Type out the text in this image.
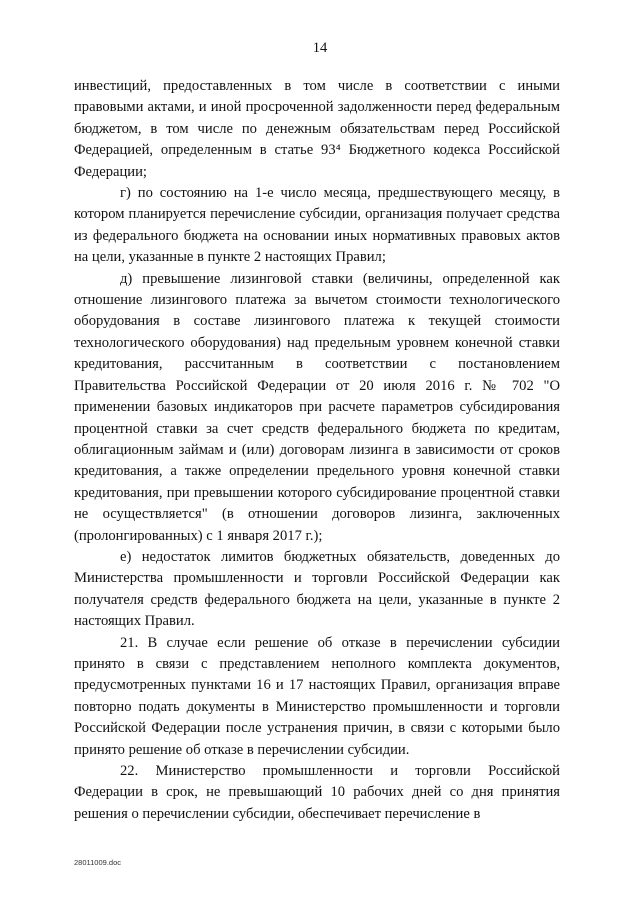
14

инвестиций, предоставленных в том числе в соответствии с иными правовыми актами, и иной просроченной задолженности перед федеральным бюджетом, в том числе по денежным обязательствам перед Российской Федерацией, определенным в статье 93⁴ Бюджетного кодекса Российской Федерации;

г) по состоянию на 1-е число месяца, предшествующего месяцу, в котором планируется перечисление субсидии, организация получает средства из федерального бюджета на основании иных нормативных правовых актов на цели, указанные в пункте 2 настоящих Правил;

д) превышение лизинговой ставки (величины, определенной как отношение лизингового платежа за вычетом стоимости технологического оборудования в составе лизингового платежа к текущей стоимости технологического оборудования) над предельным уровнем конечной ставки кредитования, рассчитанным в соответствии с постановлением Правительства Российской Федерации от 20 июля 2016 г. № 702 "О применении базовых индикаторов при расчете параметров субсидирования процентной ставки за счет средств федерального бюджета по кредитам, облигационным займам и (или) договорам лизинга в зависимости от сроков кредитования, а также определении предельного уровня конечной ставки кредитования, при превышении которого субсидирование процентной ставки не осуществляется" (в отношении договоров лизинга, заключенных (пролонгированных) с 1 января 2017 г.);

е) недостаток лимитов бюджетных обязательств, доведенных до Министерства промышленности и торговли Российской Федерации как получателя средств федерального бюджета на цели, указанные в пункте 2 настоящих Правил.

21. В случае если решение об отказе в перечислении субсидии принято в связи с представлением неполного комплекта документов, предусмотренных пунктами 16 и 17 настоящих Правил, организация вправе повторно подать документы в Министерство промышленности и торговли Российской Федерации после устранения причин, в связи с которыми было принято решение об отказе в перечислении субсидии.

22. Министерство промышленности и торговли Российской Федерации в срок, не превышающий 10 рабочих дней со дня принятия решения о перечислении субсидии, обеспечивает перечисление в

28011009.doc
